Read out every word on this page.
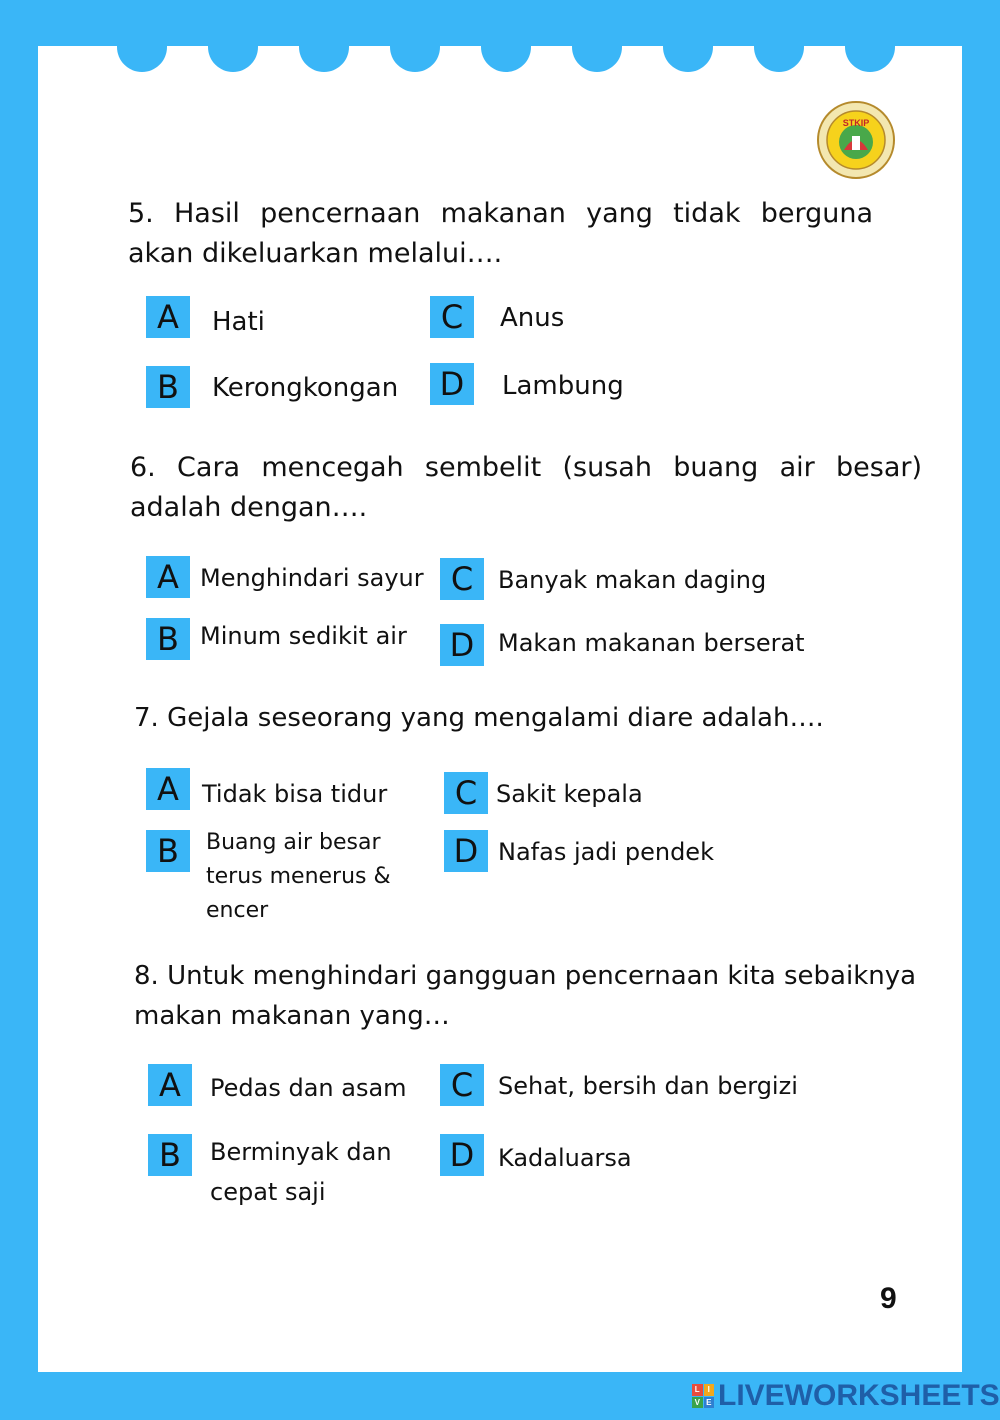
STKIP
5. Hasil pencernaan makanan yang tidak berguna akan dikeluarkan melalui….
A	Hati
B	Kerongkongan
C	Anus
D	Lambung
6. Cara mencegah sembelit (susah buang air besar) adalah dengan….
A Menghindari sayur
B Minum sedikit air
C	Banyak makan daging
D Makan makanan berserat
7. Gejala seseorang yang mengalami diare adalah….
A Tidak bisa tidur
B	Buang air besar terus menerus & encer
C Sakit kepala
D Nafas jadi pendek
8. Untuk menghindari gangguan pencernaan kita sebaiknya makan makanan yang…
A	Pedas dan asam
B	Berminyak dan cepat saji
C	Sehat, bersih dan bergizi
D Kadaluarsa
9
L I
V E LIVEWORKSHEETS
